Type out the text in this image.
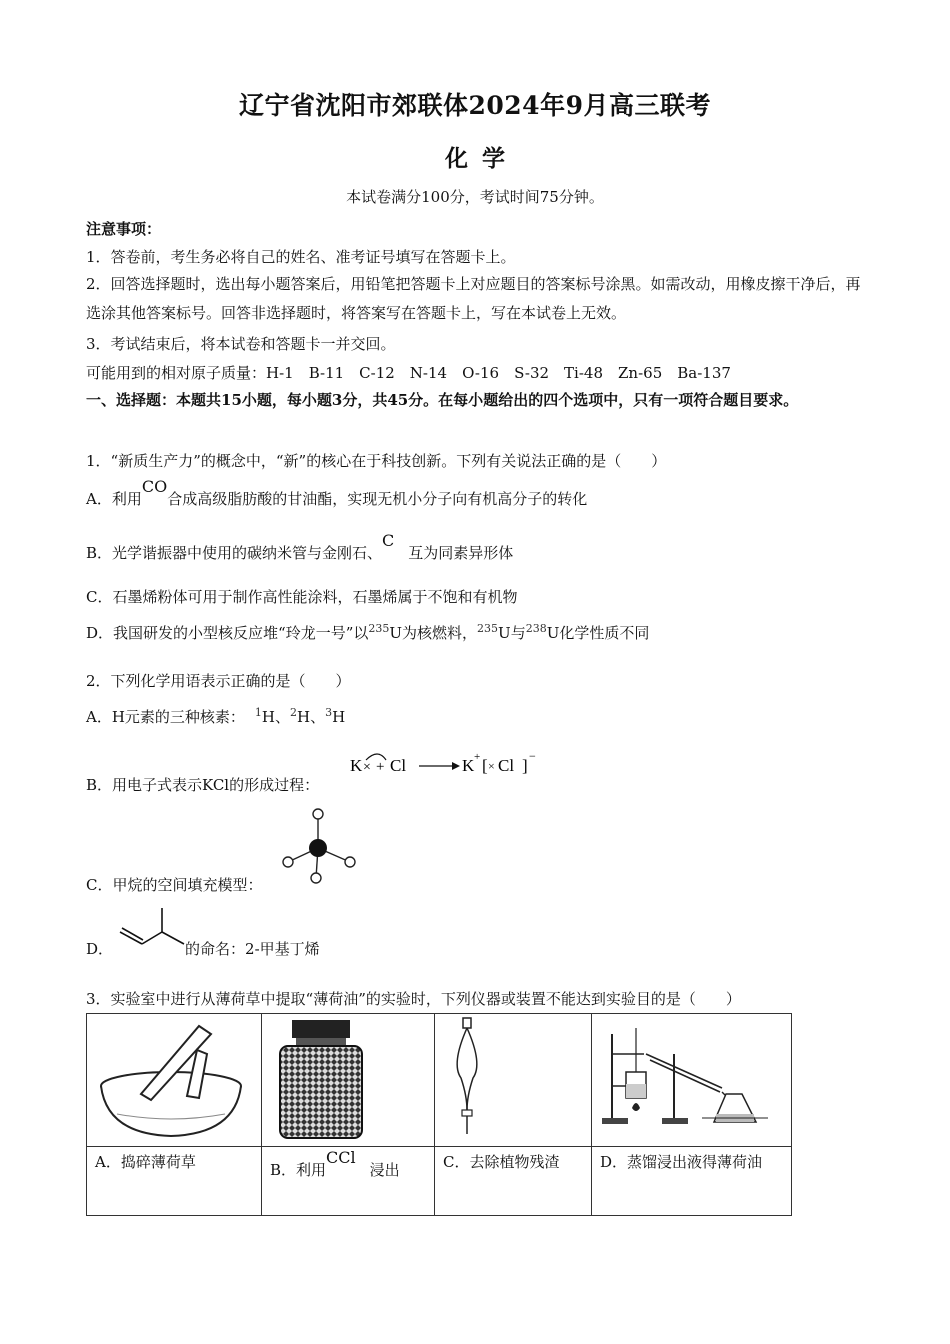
辽宁省沈阳市郊联体2024年9月高三联考
化学
本试卷满分100分，考试时间75分钟。
注意事项：
1．答卷前，考生务必将自己的姓名、准考证号填写在答题卡上。
2．回答选择题时，选出每小题答案后，用铅笔把答题卡上对应题目的答案标号涂黑。如需改动，用橡皮擦干净后，再选涂其他答案标号。回答非选择题时，将答案写在答题卡上，写在本试卷上无效。
3．考试结束后，将本试卷和答题卡一并交回。
可能用到的相对原子质量：H-1　B-11　C-12　N-14　O-16　S-32　Ti-48　Zn-65　Ba-137
一、选择题：本题共15小题，每小题3分，共45分。在每小题给出的四个选项中，只有一项符合题目要求。
1．“新质生产力”的概念中，“新”的核心在于科技创新。下列有关说法正确的是（　　）
A．利用CO合成高级脂肪酸的甘油酯，实现无机小分子向有机高分子的转化
B．光学谐振器中使用的碳纳米管与金刚石、C互为同素异形体
C．石墨烯粉体可用于制作高性能涂料，石墨烯属于不饱和有机物
D．我国研发的小型核反应堆“玲龙一号”以$^{235}$U为核燃料，$^{235}$U与$^{238}$U化学性质不同
2．下列化学用语表示正确的是（　　）
A．H元素的三种核素： $^1$H、$^2$H、$^3$H
B．用电子式表示KCl的形成过程：
K × + Cl	K + [ × Cl ] −
C．甲烷的空间填充模型：
D．	的命名：2-甲基丁烯
3．实验室中进行从薄荷草中提取“薄荷油”的实验时，下列仪器或装置不能达到实验目的是（　　）

A．捣碎薄荷草	B．利用CCl浸出	C．去除植物残渣	D．蒸馏浸出液得薄荷油
